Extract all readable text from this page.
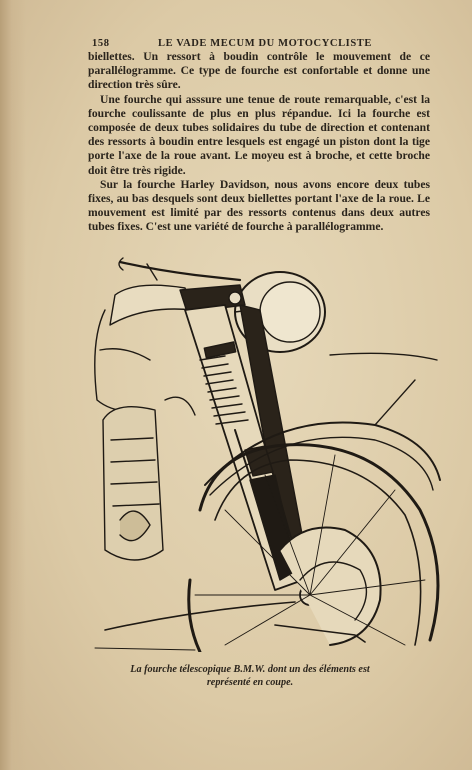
158	LE VADE MECUM DU MOTOCYCLISTE

biellettes. Un ressort à boudin contrôle le mouvement de ce parallélogramme. Ce type de fourche est confortable et donne une direction très sûre.

Une fourche qui asssure une tenue de route remarquable, c'est la fourche coulissante de plus en plus répandue. Ici la fourche est composée de deux tubes solidaires du tube de direction et contenant des ressorts à boudin entre lesquels est engagé un piston dont la tige porte l'axe de la roue avant. Le moyeu est à broche, et cette broche doit être très rigide.

Sur la fourche Harley Davidson, nous avons encore deux tubes fixes, au bas desquels sont deux biellettes portant l'axe de la roue. Le mouvement est limité par des ressorts contenus dans deux autres tubes fixes. C'est une variété de fourche à parallélogramme.

La fourche télescopique B.M.W. dont un des éléments est
représenté en coupe.
